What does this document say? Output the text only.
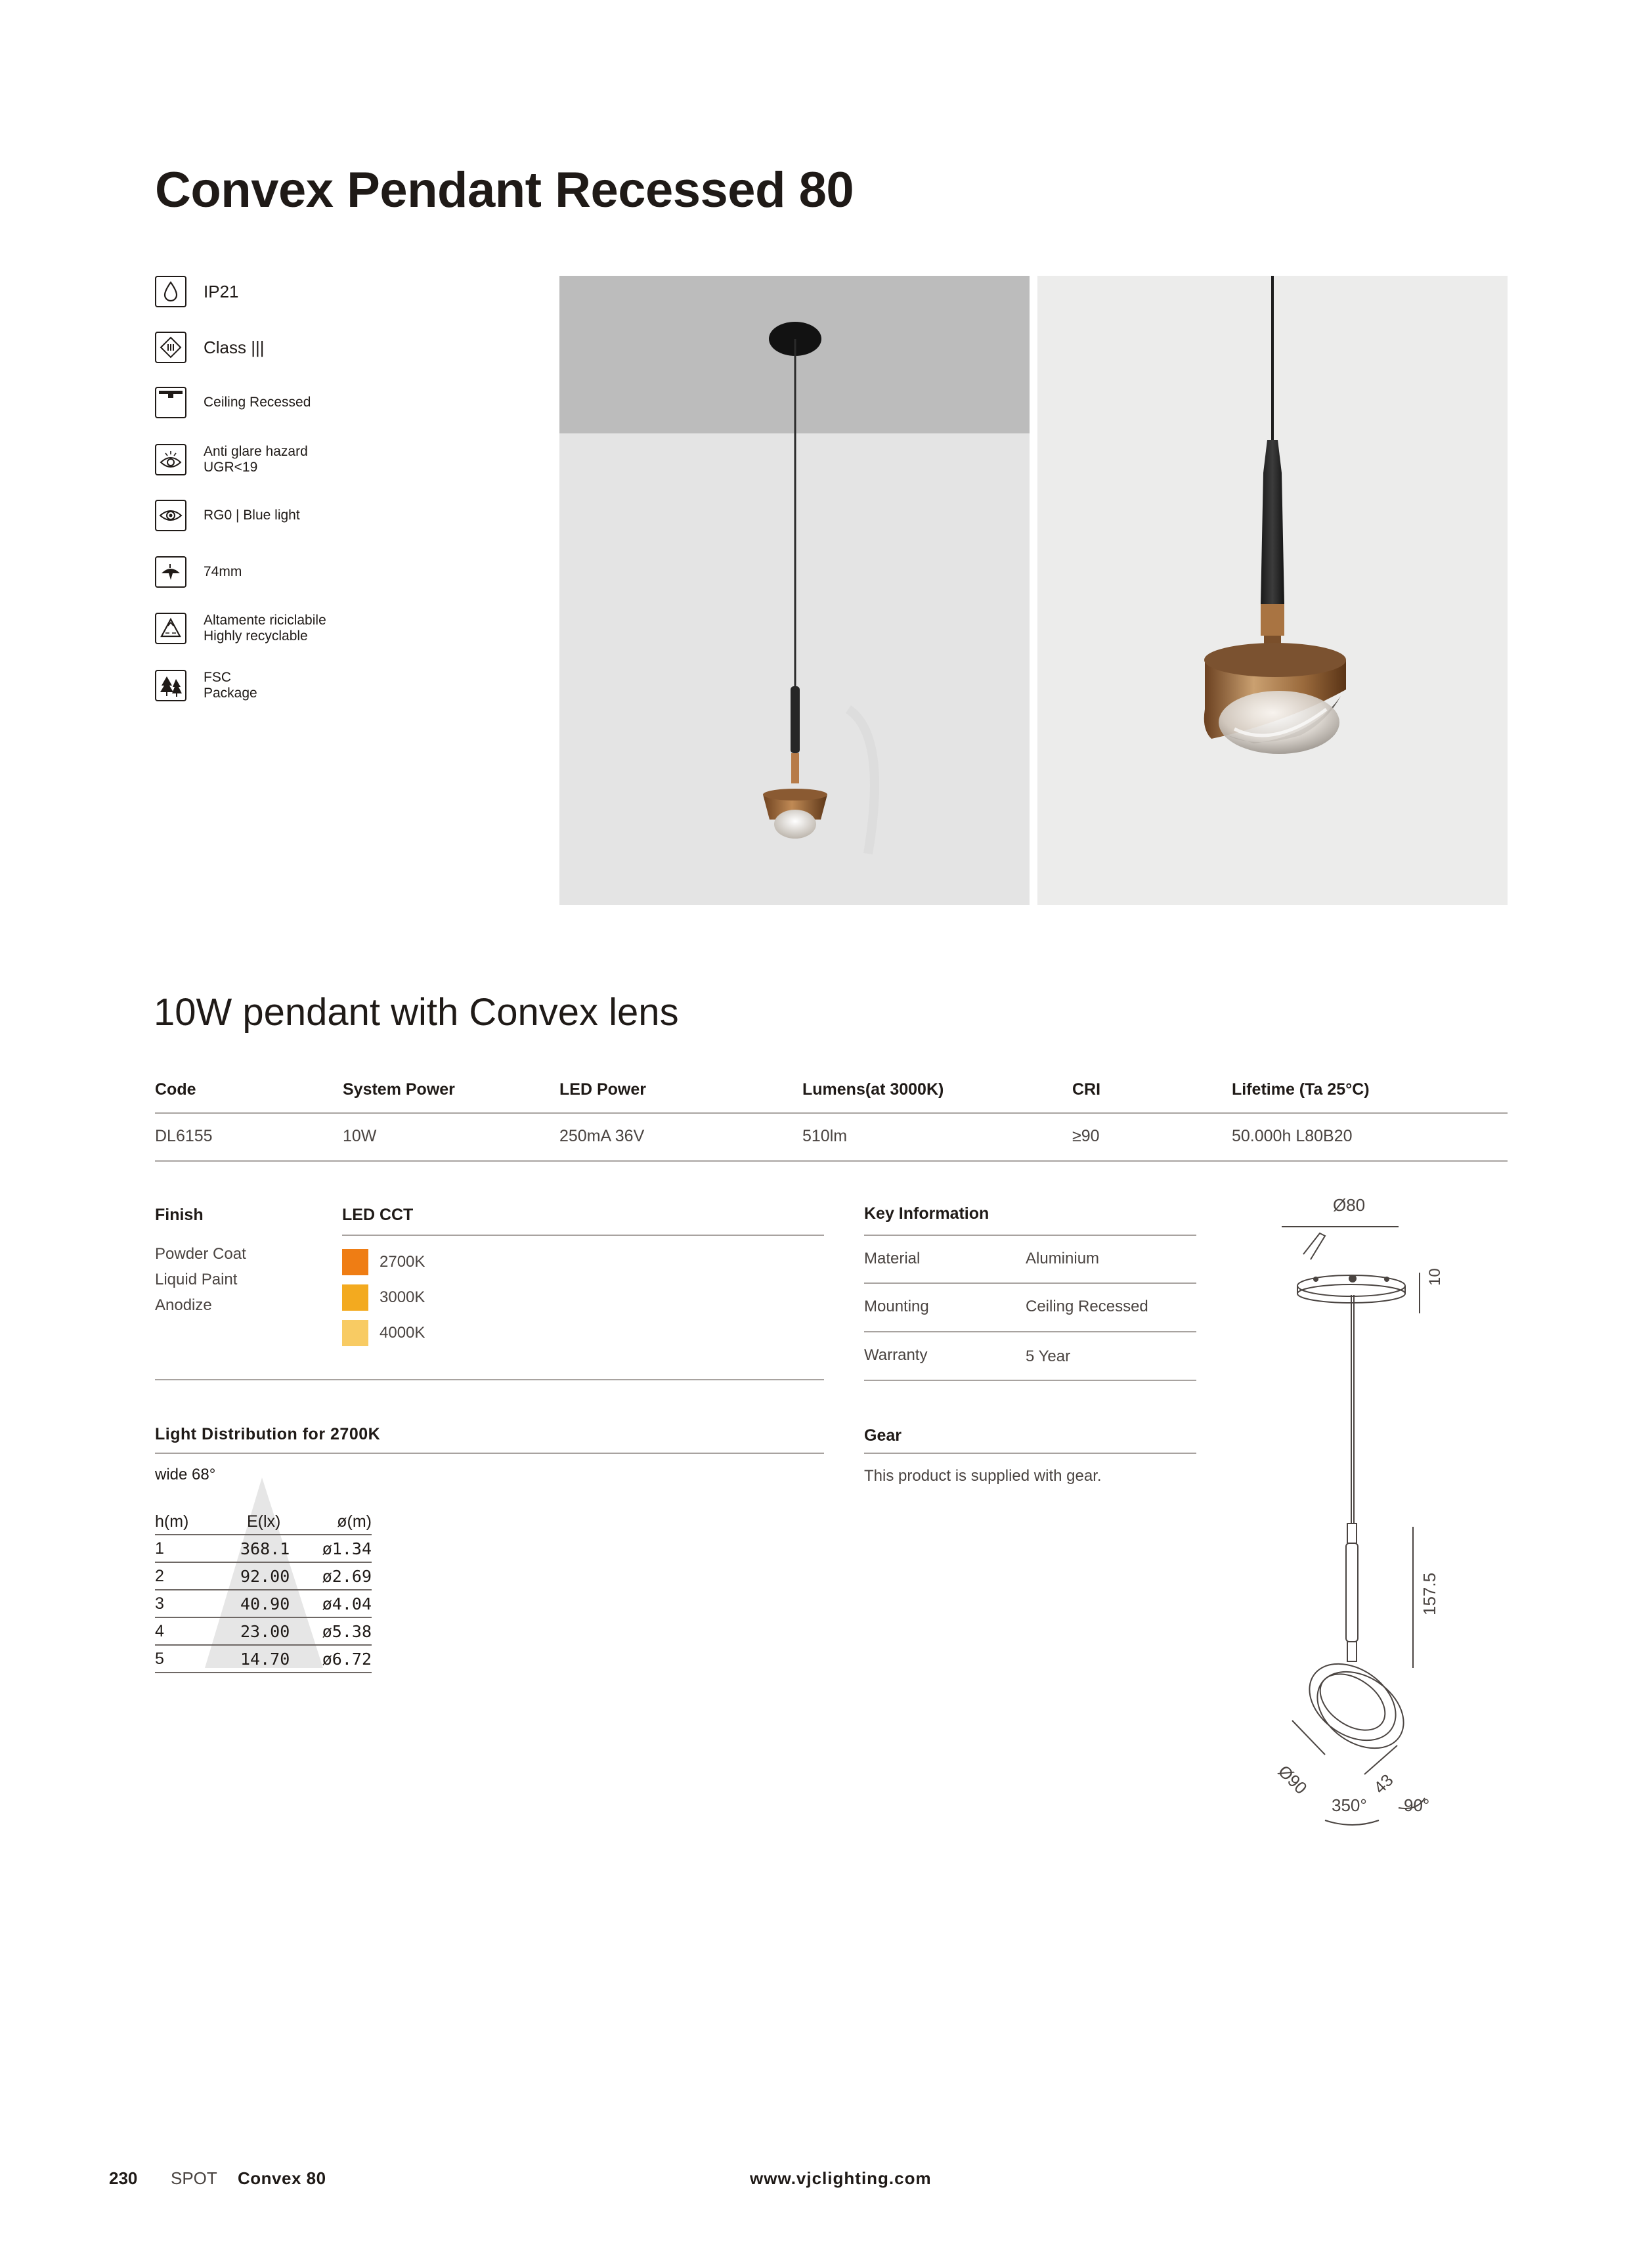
Convex Pendant Recessed 80
IP21
Class |||
Ceiling Recessed
Anti glare hazard
UGR<19
RG0 | Blue light
74mm
Altamente riciclabile
Highly recyclable
FSC
Package
10W pendant with Convex lens
Code	System Power	LED Power	Lumens(at 3000K)	CRI	Lifetime (Ta 25°C)
DL6155	10W	250mA 36V	510lm	≥90	50.000h L80B20
Finish	LED CCT
Powder Coat
Liquid Paint
Anodize
2700K
3000K
4000K
Key Information
Material	Aluminium
Mounting	Ceiling Recessed
Warranty	5 Year
Light Distribution for 2700K
wide 68°
h(m)	E(lx)	ø(m)
1	368.1 ø1.34
2	92.00 ø2.69
3	40.90 ø4.04
4	23.00 ø5.38
5	14.70 ø6.72
Gear
This product is supplied with gear.
Ø80
10
157.5
Ø90	43
350° 90°
230 SPOT Convex 80	www.vjclighting.com
